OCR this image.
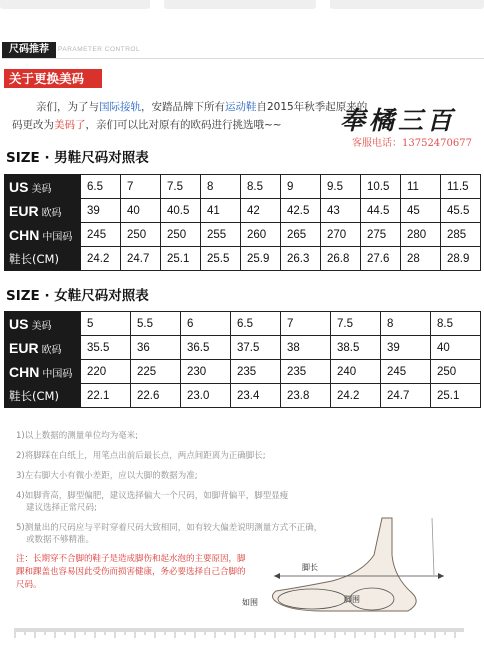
尺码推荐	PARAMETER CONTROL
关于更换美码
亲们，为了与国际接轨，安踏品牌下所有运动鞋自2015年秋季起原来的
码更改为美码了，亲们可以比对原有的欧码进行挑选哦~~	奉橘三百
客服电话：13752470677
SIZE · 男鞋尺码对照表
US 美码	6.5	7	7.5	8	8.5	9	9.5	10.5	11	11.5
EUR 欧码	39	40	40.5	41	42	42.5	43	44.5	45	45.5
CHN 中国码	245	250	250	255	260	265	270	275	280	285
鞋长(CM)	24.2	24.7	25.1	25.5	25.9	26.3	26.8	27.6	28	28.9
SIZE · 女鞋尺码对照表
US 美码	5	5.5	6	6.5	7	7.5	8	8.5
EUR 欧码	35.5	36	36.5	37.5	38	38.5	39	40
CHN 中国码	220	225	230	235	235	240	245	250
鞋长(CM)	22.1	22.6	23.0	23.4	23.8	24.2	24.7	25.1
1)以上数据的测量单位均为毫米;
2)将脚踩在白纸上，用笔点出前后最长点，两点间距离为正确脚长;
3)左右脚大小有微小差距，应以大脚的数据为准;
4)如脚背高，脚型偏肥，建议选择偏大一个尺码，如脚背偏平，脚型显瘦
建议选择正常尺码;
5)测量出的尺码应与平时穿着尺码大致相同，如有较大偏差说明测量方式不正确，
或数据不够精准。
注：长期穿不合脚的鞋子是造成脚伤和起水泡的主要原因，脚踝和踝盖也容易因此受伤而损害健康，务必要选择自己合脚的尺码。
脚长
如围	脚围
